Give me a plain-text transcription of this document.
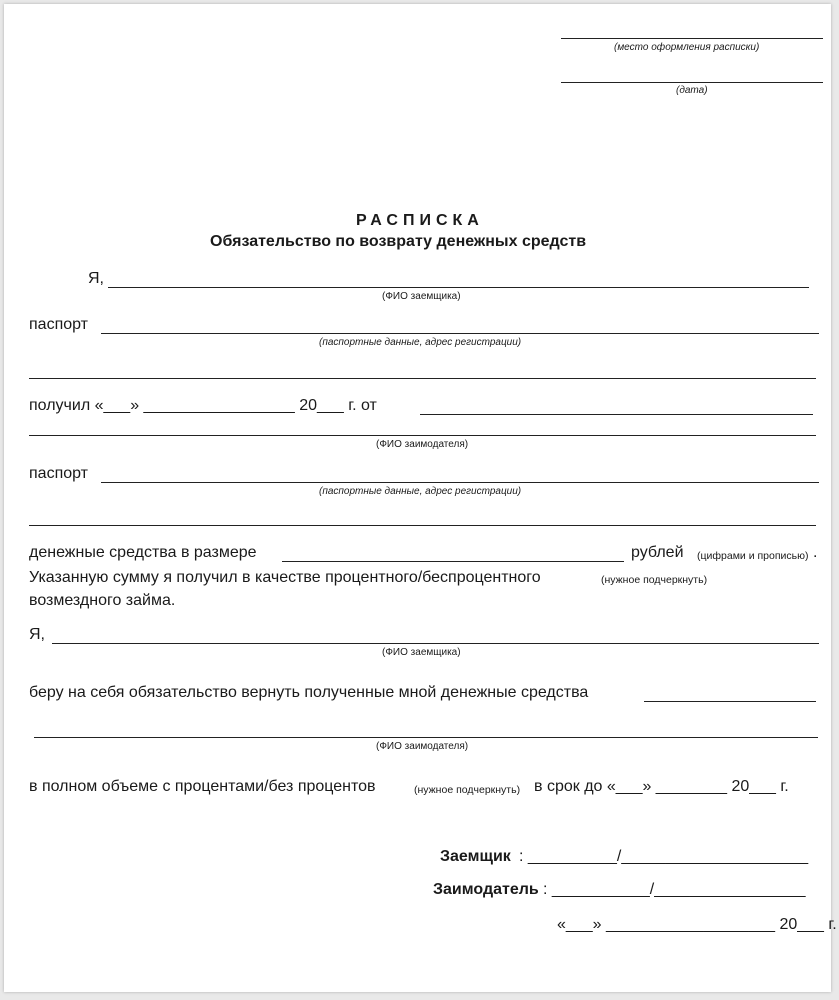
(место оформления расписки)
(дата)
РАСПИСКА
Обязательство по возврату денежных средств
Я,
(ФИО заемщика)
паспорт
(паспортные данные, адрес регистрации)
получил «___» _________________ 20___ г. от
(ФИО заимодателя)
паспорт
(паспортные данные, адрес регистрации)
денежные средства в размере	рублей (цифрами и прописью) .
Указанную сумму я получил в качестве процентного/беспроцентного	(нужное подчеркнуть)
возмездного займа.
Я,
(ФИО заемщика)
беру на себя обязательство вернуть полученные мной денежные средства
(ФИО заимодателя)
в полном объеме с процентами/без процентов	(нужное подчеркнуть) в срок до «___» ________ 20___ г.
Заемщик : __________/_____________________
Заимодатель : ___________/_________________
«___» ___________________ 20___ г.
